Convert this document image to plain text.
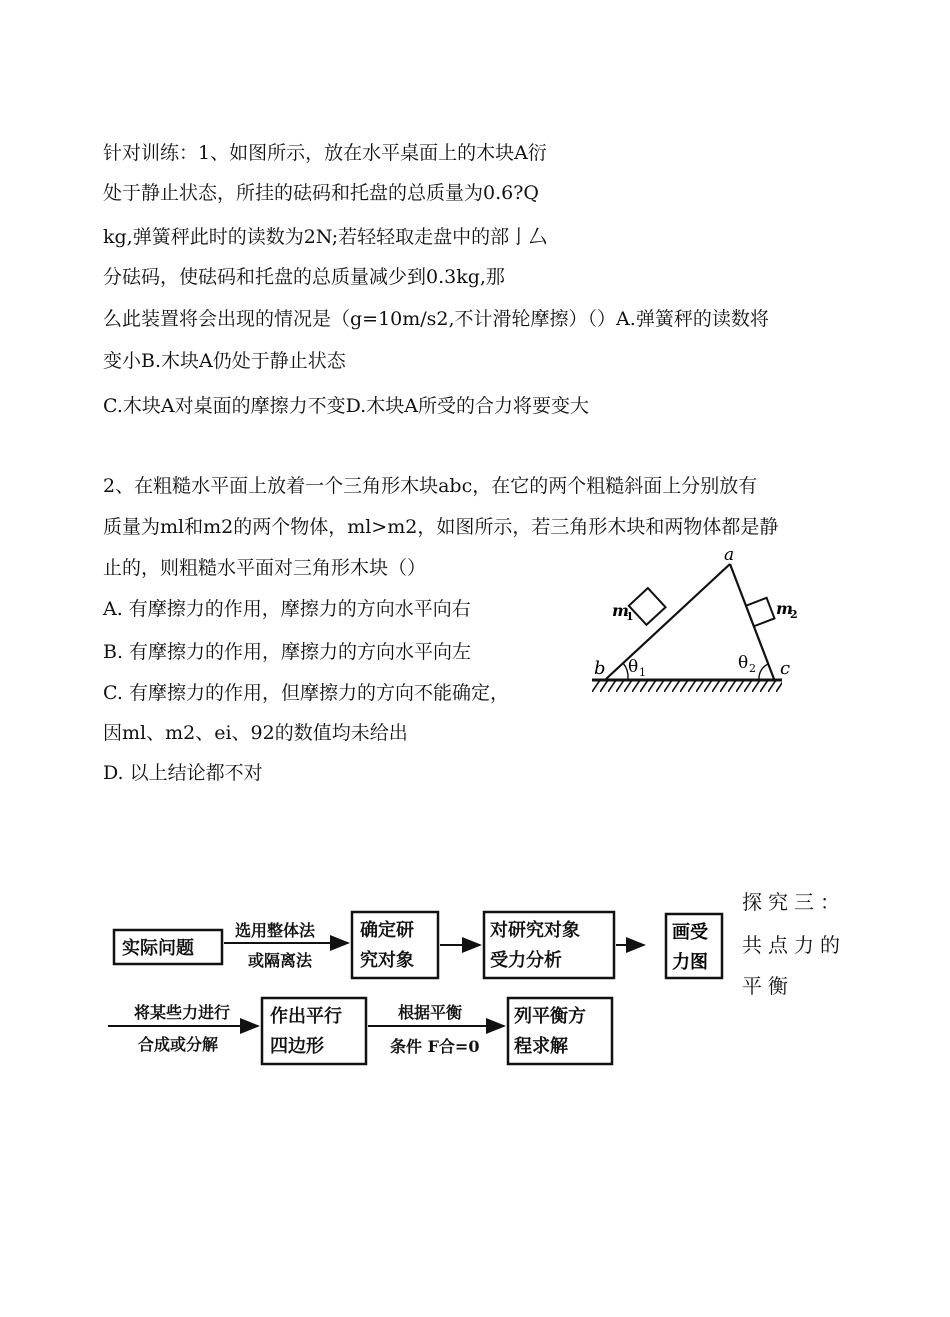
针对训练：1、如图所示，放在水平桌面上的木块A衍
处于静止状态，所挂的砝码和托盘的总质量为0.6?Q
kg,弹簧秤此时的读数为2N;若轻轻取走盘中的部亅厶
分砝码，使砝码和托盘的总质量减少到0.3kg,那
么此装置将会出现的情况是（g=10m/s2,不计滑轮摩擦）（）A.弹簧秤的读数将
变小B.木块A仍处于静止状态
C.木块A对桌面的摩擦力不变D.木块A所受的合力将要变大
2、在粗糙水平面上放着一个三角形木块abc，在它的两个粗糙斜面上分别放有
质量为ml和m2的两个物体，ml>m2，如图所示，若三角形木块和两物体都是静
止的，则粗糙水平面对三角形木块（）
A. 有摩擦力的作用，摩擦力的方向水平向右
B. 有摩擦力的作用，摩擦力的方向水平向左
C. 有摩擦力的作用，但摩擦力的方向不能确定，
因ml、m2、ei、92的数值均未给出
D. 以上结论都不对
a
b	c
m
1	m
2
θ 1	θ 2
探究三：
共点力的
平衡
实际问题
选用整体法
或隔离法
确定研
究对象
对研究对象
受力分析
将某些力进行
合成或分解
作出平行
四边形
根据平衡
条件 F合=0
列平衡方
程求解
画受
力图
